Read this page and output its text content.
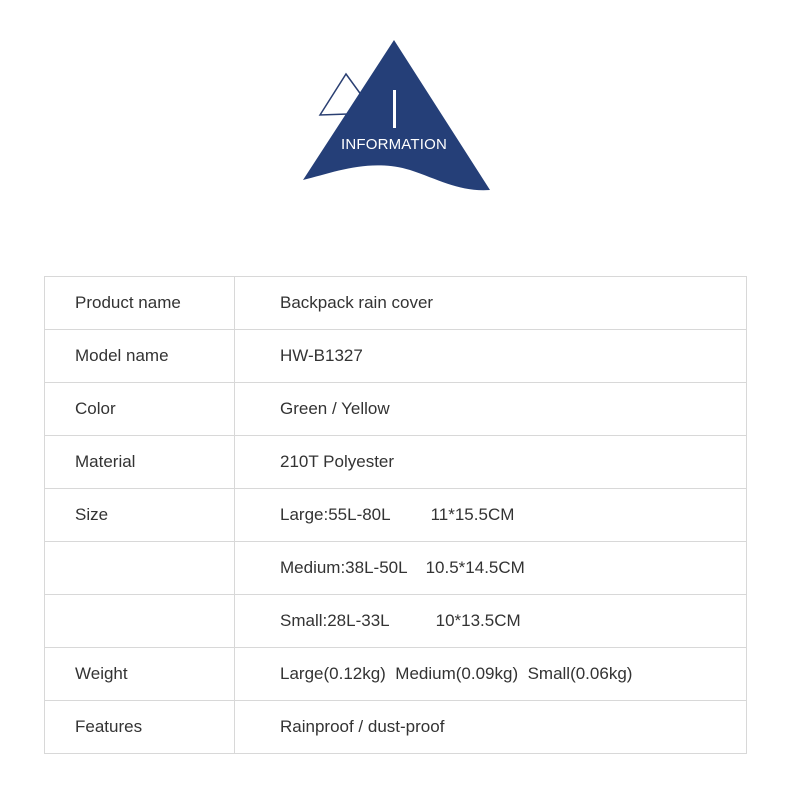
INFORMATION
Product name	Backpack rain cover
Model name	HW-B1327
Color	Green / Yellow
Material	210T Polyester
Size	Large:55L-80L 11*15.5CM
	Medium:38L-50L 10.5*14.5CM
	Small:28L-33L 10*13.5CM
Weight	Large(0.12kg)  Medium(0.09kg)  Small(0.06kg)
Features	Rainproof / dust-proof
